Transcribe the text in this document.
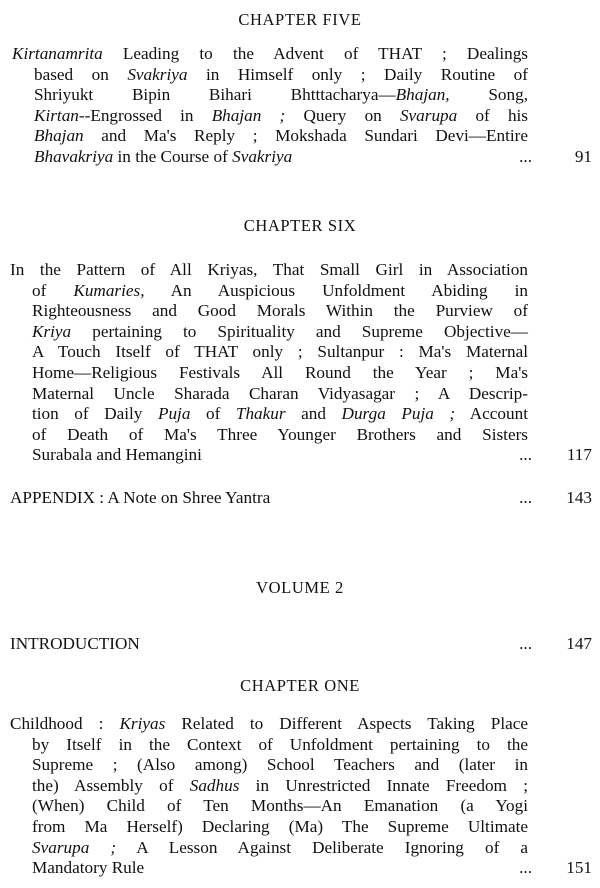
CHAPTER FIVE
Kirtanamrita Leading to the Advent of THAT ; Dealings
based on Svakriya in Himself only ; Daily Routine of
Shriyukt Bipin Bihari Bhtttacharya—Bhajan, Song,
Kirtan--Engrossed in Bhajan ; Query on Svarupa of his
Bhajan and Ma's Reply ; Mokshada Sundari Devi—Entire
Bhavakriya in the Course of Svakriya	...	91
CHAPTER SIX
In the Pattern of All Kriyas, That Small Girl in Association
of Kumaries, An Auspicious Unfoldment Abiding in
Righteousness and Good Morals Within the Purview of
Kriya pertaining to Spirituality and Supreme Objective—
A Touch Itself of THAT only ; Sultanpur : Ma's Maternal
Home—Religious Festivals All Round the Year ; Ma's
Maternal Uncle Sharada Charan Vidyasagar ; A Descrip-
tion of Daily Puja of Thakur and Durga Puja ; Account
of Death of Ma's Three Younger Brothers and Sisters
Surabala and Hemangini	...	117
APPENDIX : A Note on Shree Yantra	...	143
VOLUME 2
INTRODUCTION	...	147
CHAPTER ONE
Childhood : Kriyas Related to Different Aspects Taking Place
by Itself in the Context of Unfoldment pertaining to the
Supreme ; (Also among) School Teachers and (later in
the) Assembly of Sadhus in Unrestricted Innate Freedom ;
(When) Child of Ten Months—An Emanation (a Yogi
from Ma Herself) Declaring (Ma) The Supreme Ultimate
Svarupa ; A Lesson Against Deliberate Ignoring of a
Mandatory Rule	...	151
